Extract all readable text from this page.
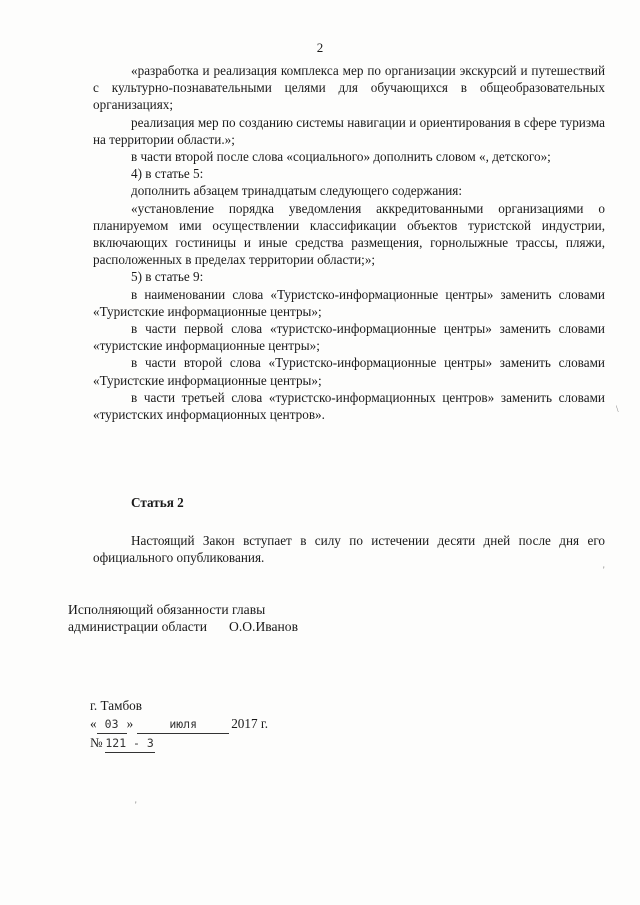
2

«разработка и реализация комплекса мер по организации экскурсий и путешествий с культурно-познавательными целями для обучающихся в общеобразовательных организациях;

реализация мер по созданию системы навигации и ориентирования в сфере туризма на территории области.»;

в части второй после слова «социального» дополнить словом «, детского»;

4) в статье 5:

дополнить абзацем тринадцатым следующего содержания:

«установление порядка уведомления аккредитованными организациями о планируемом ими осуществлении классификации объектов туристской индустрии, включающих гостиницы и иные средства размещения, горнолыжные трассы, пляжи, расположенных в пределах территории области;»;

5) в статье 9:

в наименовании слова «Туристско-информационные центры» заменить словами «Туристские информационные центры»;

в части первой слова «туристско-информационные центры» заменить словами «туристские информационные центры»;

в части второй слова «Туристско-информационные центры» заменить словами «Туристские информационные центры»;

в части третьей слова «туристско-информационных центров» заменить словами «туристских информационных центров».

Статья 2

Настоящий Закон вступает в силу по истечении десяти дней после дня его официального опубликования.

Исполняющий обязанности главы
администрации области О.О.Иванов
г. Тамбов
« 03 »	июля	2017 г.
№ 121 - З
\
'
'
